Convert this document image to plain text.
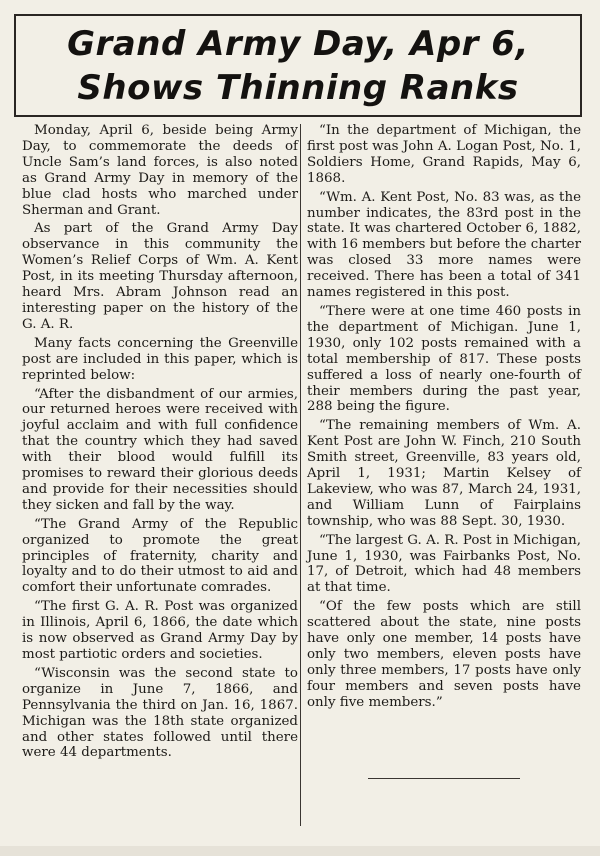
Grand Army Day, Apr 6,
Shows Thinning Ranks

Monday, April 6, beside being Army Day, to commemorate the deeds of Uncle Sam’s land forces, is also noted as Grand Army Day in memory of the blue clad hosts who marched under Sherman and Grant.

As part of the Grand Army Day observance in this community the Women’s Relief Corps of Wm. A. Kent Post, in its meeting Thursday afternoon, heard Mrs. Abram Johnson read an interesting paper on the history of the G. A. R.

Many facts concerning the Greenville post are included in this paper, which is reprinted below:

“After the disbandment of our armies, our returned heroes were received with joyful acclaim and with full confidence that the country which they had saved with their blood would fulfill its promises to reward their glorious deeds and provide for their necessities should they sicken and fall by the way.

“The Grand Army of the Republic organized to promote the great principles of fraternity, charity and loyalty and to do their utmost to aid and comfort their unfortunate comrades.

“The first G. A. R. Post was organized in Illinois, April 6, 1866, the date which is now observed as Grand Army Day by most partiotic orders and societies.

“Wisconsin was the second state to organize in June 7, 1866, and Pennsylvania the third on Jan. 16, 1867. Michigan was the 18th state organized and other states followed until there were 44 departments.

“In the department of Michigan, the first post was John A. Logan Post, No. 1, Soldiers Home, Grand Rapids, May 6, 1868.

“Wm. A. Kent Post, No. 83 was, as the number indicates, the 83rd post in the state. It was chartered October 6, 1882, with 16 members but before the charter was closed 33 more names were received. There has been a total of 341 names registered in this post.

“There were at one time 460 posts in the department of Michigan. June 1, 1930, only 102 posts remained with a total membership of 817. These posts suffered a loss of nearly one-fourth of their members during the past year, 288 being the figure.

“The remaining members of Wm. A. Kent Post are John W. Finch, 210 South Smith street, Greenville, 83 years old, April 1, 1931; Martin Kelsey of Lakeview, who was 87, March 24, 1931, and William Lunn of Fairplains township, who was 88 Sept. 30, 1930.

“The largest G. A. R. Post in Michigan, June 1, 1930, was Fairbanks Post, No. 17, of Detroit, which had 48 members at that time.

“Of the few posts which are still scattered about the state, nine posts have only one member, 14 posts have only two members, eleven posts have only three members, 17 posts have only four members and seven posts have only five members.”
